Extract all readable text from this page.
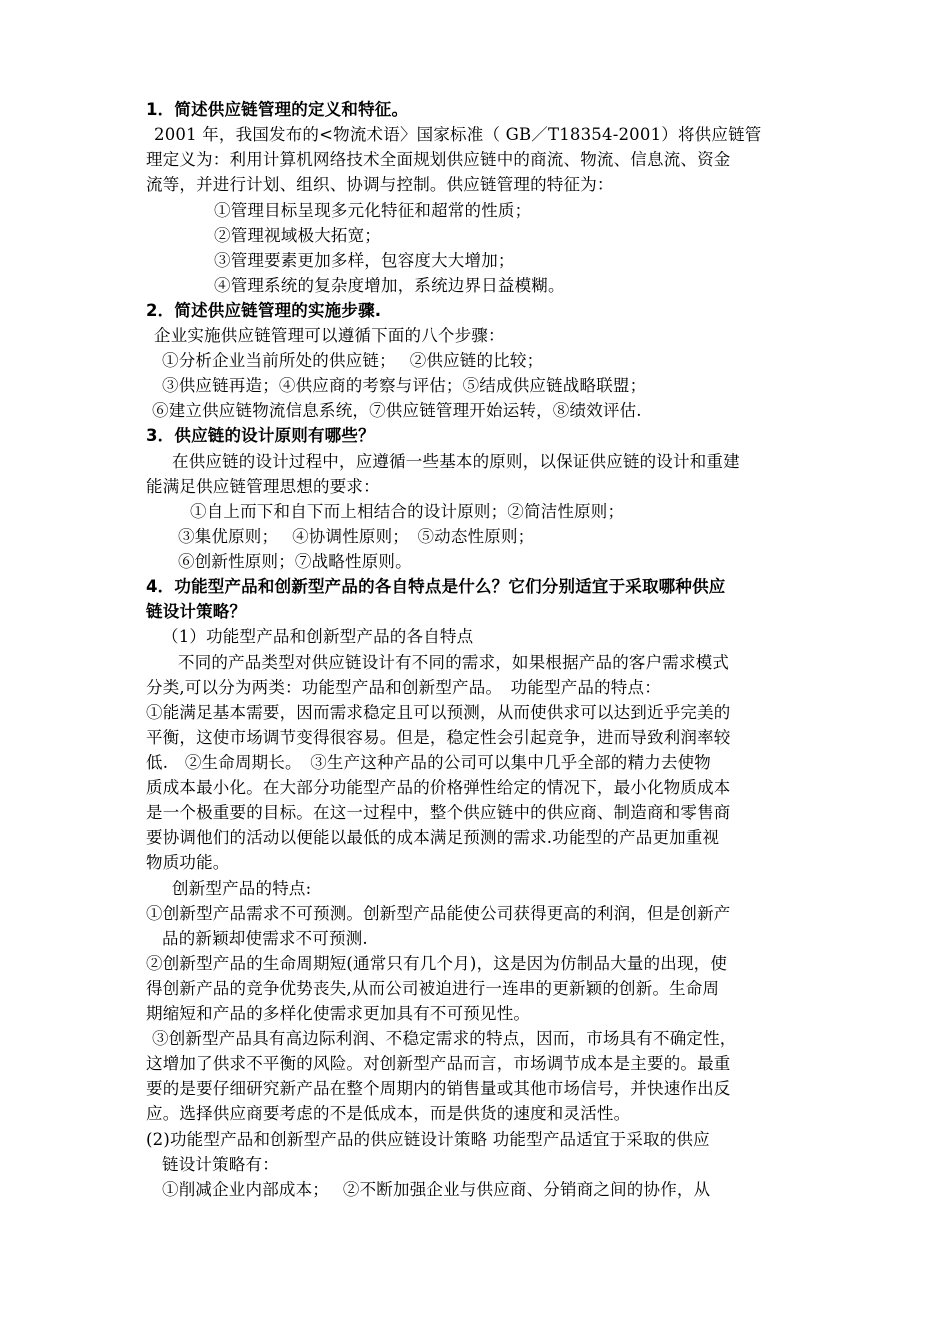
1．简述供应链管理的定义和特征。
2001 年，我国发布的<物流术语〉国家标准（ GB／T18354-2001）将供应链管
理定义为：利用计算机网络技术全面规划供应链中的商流、物流、信息流、资金
流等，并进行计划、组织、协调与控制。供应链管理的特征为：
①管理目标呈现多元化特征和超常的性质；
②管理视域极大拓宽；
③管理要素更加多样，包容度大大增加；
④管理系统的复杂度增加，系统边界日益模糊。
2．简述供应链管理的实施步骤.
企业实施供应链管理可以遵循下面的八个步骤：
①分析企业当前所处的供应链；　 ②供应链的比较；
③供应链再造；④供应商的考察与评估；⑤结成供应链战略联盟；
⑥建立供应链物流信息系统，⑦供应链管理开始运转，⑧绩效评估.
3．供应链的设计原则有哪些？
在供应链的设计过程中，应遵循一些基本的原则，以保证供应链的设计和重建
能满足供应链管理思想的要求：
①自上而下和自下而上相结合的设计原则；②简洁性原则；
③集优原则；　 ④协调性原则；　⑤动态性原则；
⑥创新性原则；⑦战略性原则。
4．功能型产品和创新型产品的各自特点是什么？它们分别适宜于采取哪种供应
链设计策略？
（1）功能型产品和创新型产品的各自特点
不同的产品类型对供应链设计有不同的需求，如果根据产品的客户需求模式
分类,可以分为两类：功能型产品和创新型产品。　功能型产品的特点：
①能满足基本需要，因而需求稳定且可以预测，从而使供求可以达到近乎完美的
平衡，这使市场调节变得很容易。但是，稳定性会引起竞争，进而导致利润率较
低.　②生命周期长。　③生产这种产品的公司可以集中几乎全部的精力去使物
质成本最小化。在大部分功能型产品的价格弹性给定的情况下，最小化物质成本
是一个极重要的目标。在这一过程中，整个供应链中的供应商、制造商和零售商
要协调他们的活动以便能以最低的成本满足预测的需求.功能型的产品更加重视
物质功能。
创新型产品的特点:
①创新型产品需求不可预测。创新型产品能使公司获得更高的利润，但是创新产
品的新颖却使需求不可预测.
②创新型产品的生命周期短(通常只有几个月)，这是因为仿制品大量的出现，使
得创新产品的竞争优势丧失,从而公司被迫进行一连串的更新颖的创新。生命周
期缩短和产品的多样化使需求更加具有不可预见性。
③创新型产品具有高边际利润、不稳定需求的特点，因而，市场具有不确定性，
这增加了供求不平衡的风险。对创新型产品而言，市场调节成本是主要的。最重
要的是要仔细研究新产品在整个周期内的销售量或其他市场信号，并快速作出反
应。选择供应商要考虑的不是低成本，而是供货的速度和灵活性。
(2)功能型产品和创新型产品的供应链设计策略 功能型产品适宜于采取的供应
链设计策略有：
①削减企业内部成本；　 ②不断加强企业与供应商、分销商之间的协作，从
